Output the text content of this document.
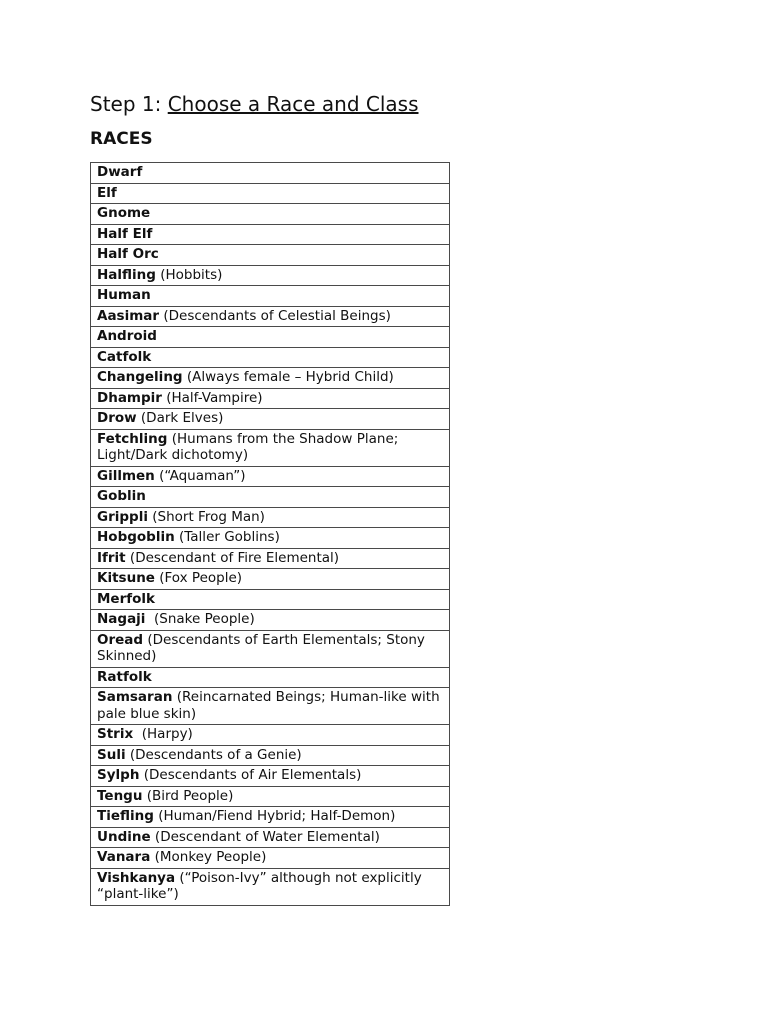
Step 1: Choose a Race and Class
RACES
Dwarf
Elf
Gnome
Half Elf
Half Orc
Halfling (Hobbits)
Human
Aasimar (Descendants of Celestial Beings)
Android
Catfolk
Changeling (Always female – Hybrid Child)
Dhampir (Half-Vampire)
Drow (Dark Elves)
Fetchling (Humans from the Shadow Plane; Light/Dark dichotomy)
Gillmen (“Aquaman”)
Goblin
Grippli (Short Frog Man)
Hobgoblin (Taller Goblins)
Ifrit (Descendant of Fire Elemental)
Kitsune (Fox People)
Merfolk
Nagaji  (Snake People)
Oread (Descendants of Earth Elementals; Stony Skinned)
Ratfolk
Samsaran (Reincarnated Beings; Human-like with pale blue skin)
Strix  (Harpy)
Suli (Descendants of a Genie)
Sylph (Descendants of Air Elementals)
Tengu (Bird People)
Tiefling (Human/Fiend Hybrid; Half-Demon)
Undine (Descendant of Water Elemental)
Vanara (Monkey People)
Vishkanya (“Poison-Ivy” although not explicitly “plant-like”)
